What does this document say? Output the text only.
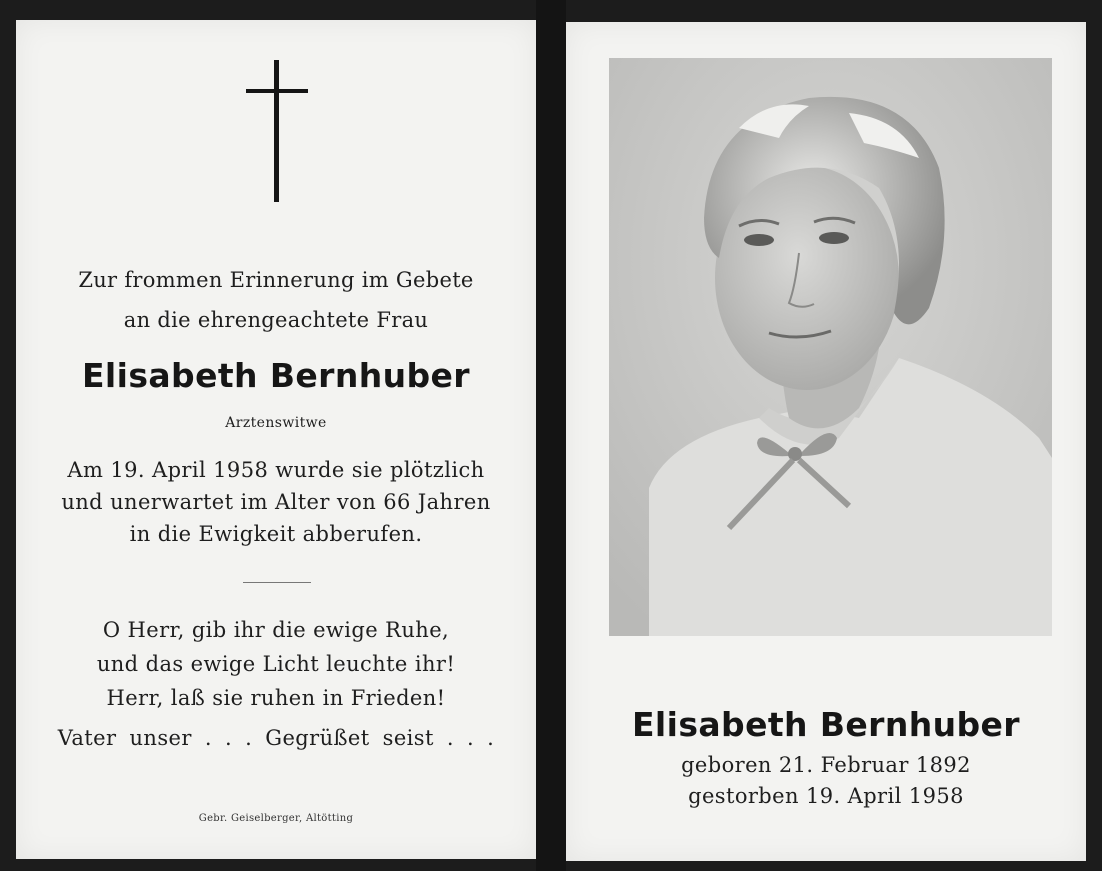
Zur frommen Erinnerung im Gebete
an die ehrengeachtete Frau
Elisabeth Bernhuber
Arztenswitwe
Am 19. April 1958 wurde sie plötzlich
und unerwartet im Alter von 66 Jahren
in die Ewigkeit abberufen.
O Herr, gib ihr die ewige Ruhe,
und das ewige Licht leuchte ihr!
Herr, laß sie ruhen in Frieden!
Vater unser . . . Gegrüßet seist . . .
Gebr. Geiselberger, Altötting
Elisabeth Bernhuber
geboren 21. Februar 1892
gestorben 19. April 1958
